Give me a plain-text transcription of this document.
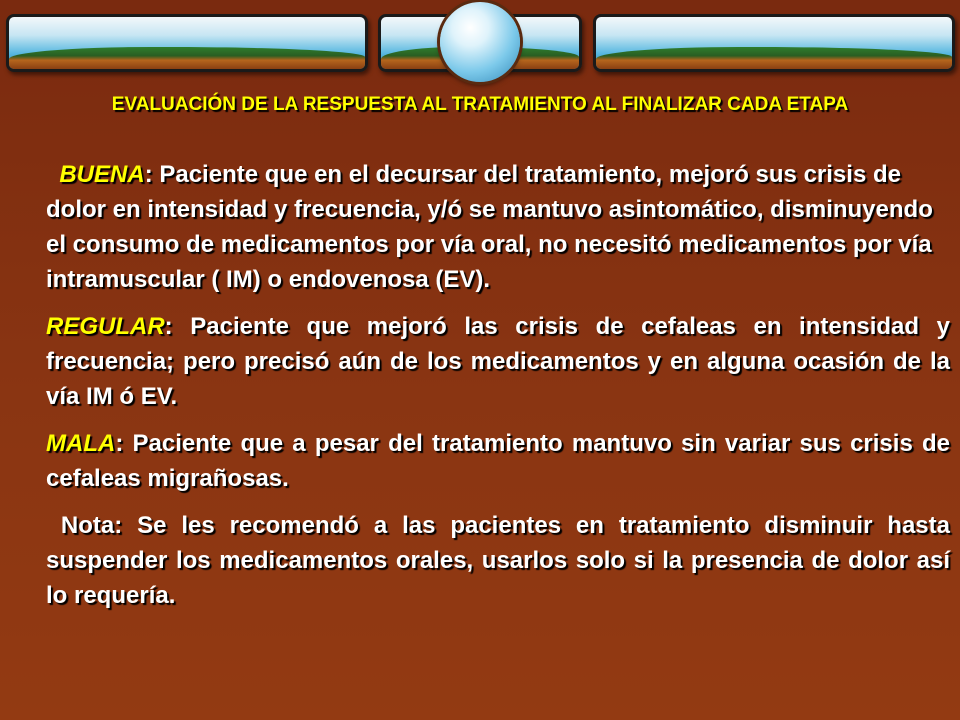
EVALUACIÓN DE LA RESPUESTA AL TRATAMIENTO AL FINALIZAR CADA ETAPA

BUENA: Paciente que en el decursar del tratamiento, mejoró sus crisis de dolor en intensidad y frecuencia, y/ó se mantuvo asintomático, disminuyendo el consumo de medicamentos por vía oral, no necesitó medicamentos por vía intramuscular ( IM) o endovenosa (EV).

REGULAR: Paciente que mejoró las crisis de cefaleas en intensidad y frecuencia; pero precisó aún de los medicamentos y en alguna ocasión de la vía IM ó EV.

MALA: Paciente que a pesar del tratamiento mantuvo sin variar sus crisis de cefaleas migrañosas.

Nota: Se les recomendó a las pacientes en tratamiento disminuir hasta suspender los medicamentos orales, usarlos solo si la presencia de dolor así lo requería.
